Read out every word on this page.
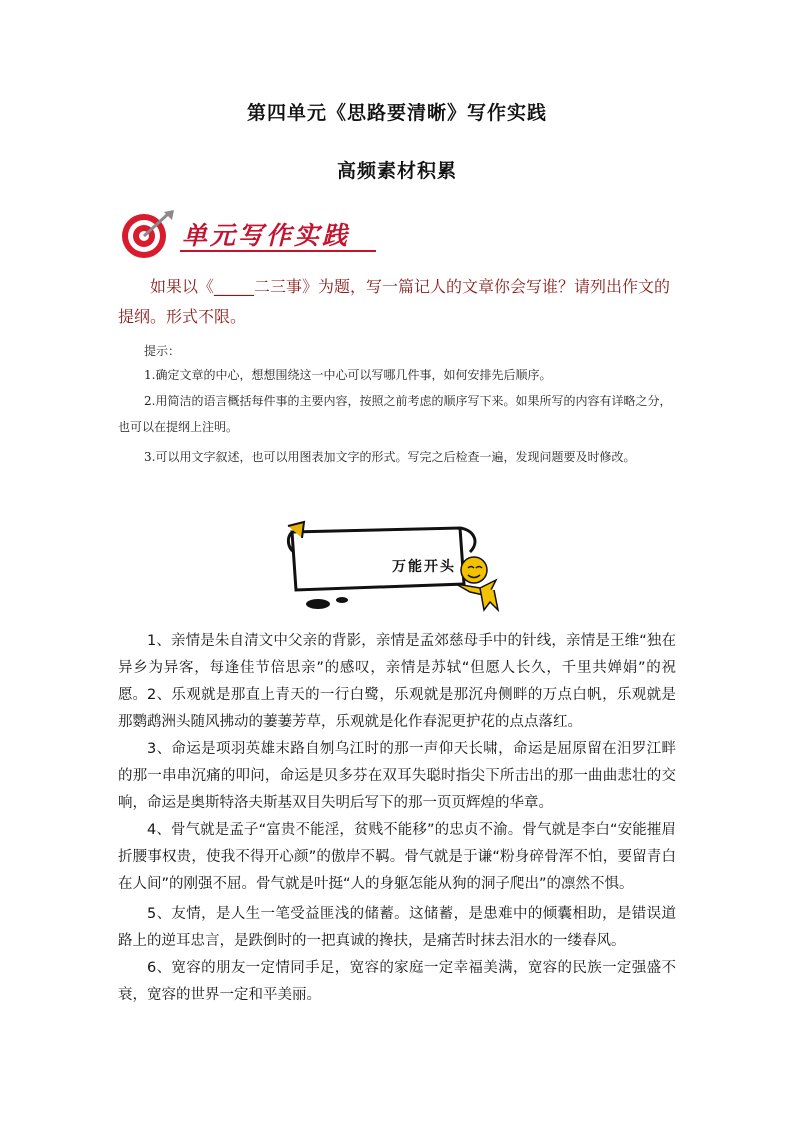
第四单元《思路要清晰》写作实践
高频素材积累
单元写作实践
如果以《_____二三事》为题，写一篇记人的文章你会写谁？请列出作文的提纲。形式不限。
提示：
1.确定文章的中心，想想围绕这一中心可以写哪几件事，如何安排先后顺序。
2.用简洁的语言概括每件事的主要内容，按照之前考虑的顺序写下来。如果所写的内容有详略之分，也可以在提纲上注明。
3.可以用文字叙述，也可以用图表加文字的形式。写完之后检查一遍，发现问题要及时修改。
万能开头
1、亲情是朱自清文中父亲的背影，亲情是孟郊慈母手中的针线，亲情是王维“独在异乡为异客，每逢佳节倍思亲”的感叹，亲情是苏轼“但愿人长久，千里共婵娟”的祝愿。 2、乐观就是那直上青天的一行白鹭，乐观就是那沉舟侧畔的万点白帆，乐观就是那鹦鹉洲头随风拂动的萋萋芳草，乐观就是化作春泥更护花的点点落红。
3、命运是项羽英雄末路自刎乌江时的那一声仰天长啸，命运是屈原留在汨罗江畔的那一串串沉痛的叩问，命运是贝多芬在双耳失聪时指尖下所击出的那一曲曲悲壮的交响，命运是奥斯特洛夫斯基双目失明后写下的那一页页辉煌的华章。
4、骨气就是孟子“富贵不能淫，贫贱不能移”的忠贞不渝。骨气就是李白“安能摧眉折腰事权贵，使我不得开心颜”的傲岸不羁。骨气就是于谦“粉身碎骨浑不怕，要留青白在人间”的刚强不屈。骨气就是叶挺“人的身躯怎能从狗的洞子爬出”的凛然不惧。
5、友情，是人生一笔受益匪浅的储蓄。这储蓄，是患难中的倾囊相助，是错误道路上的逆耳忠言，是跌倒时的一把真诚的搀扶，是痛苦时抹去泪水的一缕春风。
6、宽容的朋友一定情同手足，宽容的家庭一定幸福美满，宽容的民族一定强盛不衰，宽容的世界一定和平美丽。
